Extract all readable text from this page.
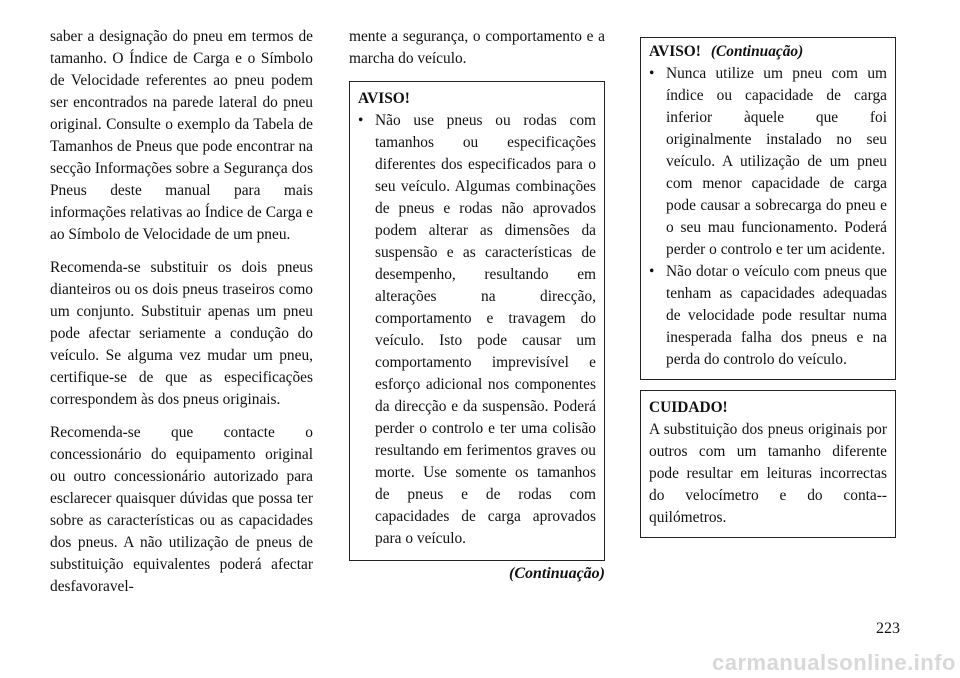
saber a designação do pneu em termos de tamanho. O Índice de Carga e o Símbolo de Velocidade referentes ao pneu podem ser encontrados na parede lateral do pneu original. Consulte o exemplo da Tabela de Tamanhos de Pneus que pode encontrar na secção Informações sobre a Segurança dos Pneus deste manual para mais informações relativas ao Índice de Carga e ao Símbolo de Velocidade de um pneu.

Recomenda-se substituir os dois pneus dianteiros ou os dois pneus traseiros como um conjunto. Substituir apenas um pneu pode afectar seriamente a condução do veículo. Se alguma vez mudar um pneu, certifique-se de que as especificações correspondem às dos pneus originais.

Recomenda-se que contacte o concessionário do equipamento original ou outro concessionário autorizado para esclarecer quaisquer dúvidas que possa ter sobre as características ou as capacidades dos pneus. A não utilização de pneus de substituição equivalentes poderá afectar desfavoravel-

mente a segurança, o comportamento e a marcha do veículo.

AVISO!
• Não use pneus ou rodas com tamanhos ou especificações diferentes dos especificados para o seu veículo. Algumas combinações de pneus e rodas não aprovados podem alterar as dimensões da suspensão e as características de desempenho, resultando em alterações na direcção, comportamento e travagem do veículo. Isto pode causar um comportamento imprevisível e esforço adicional nos componentes da direcção e da suspensão. Poderá perder o controlo e ter uma colisão resultando em ferimentos graves ou morte. Use somente os tamanhos de pneus e de rodas com capacidades de carga aprovados para o veículo.
(Continuação)
AVISO! (Continuação)
• Nunca utilize um pneu com um índice ou capacidade de carga inferior àquele que foi originalmente instalado no seu veículo. A utilização de um pneu com menor capacidade de carga pode causar a sobrecarga do pneu e o seu mau funcionamento. Poderá perder o controlo e ter um acidente.
• Não dotar o veículo com pneus que tenham as capacidades adequadas de velocidade pode resultar numa inesperada falha dos pneus e na perda do controlo do veículo.
CUIDADO!

A substituição dos pneus originais por outros com um tamanho diferente pode resultar em leituras incorrectas do velocímetro e do conta--quilómetros.

223
carmanualsonline.info
